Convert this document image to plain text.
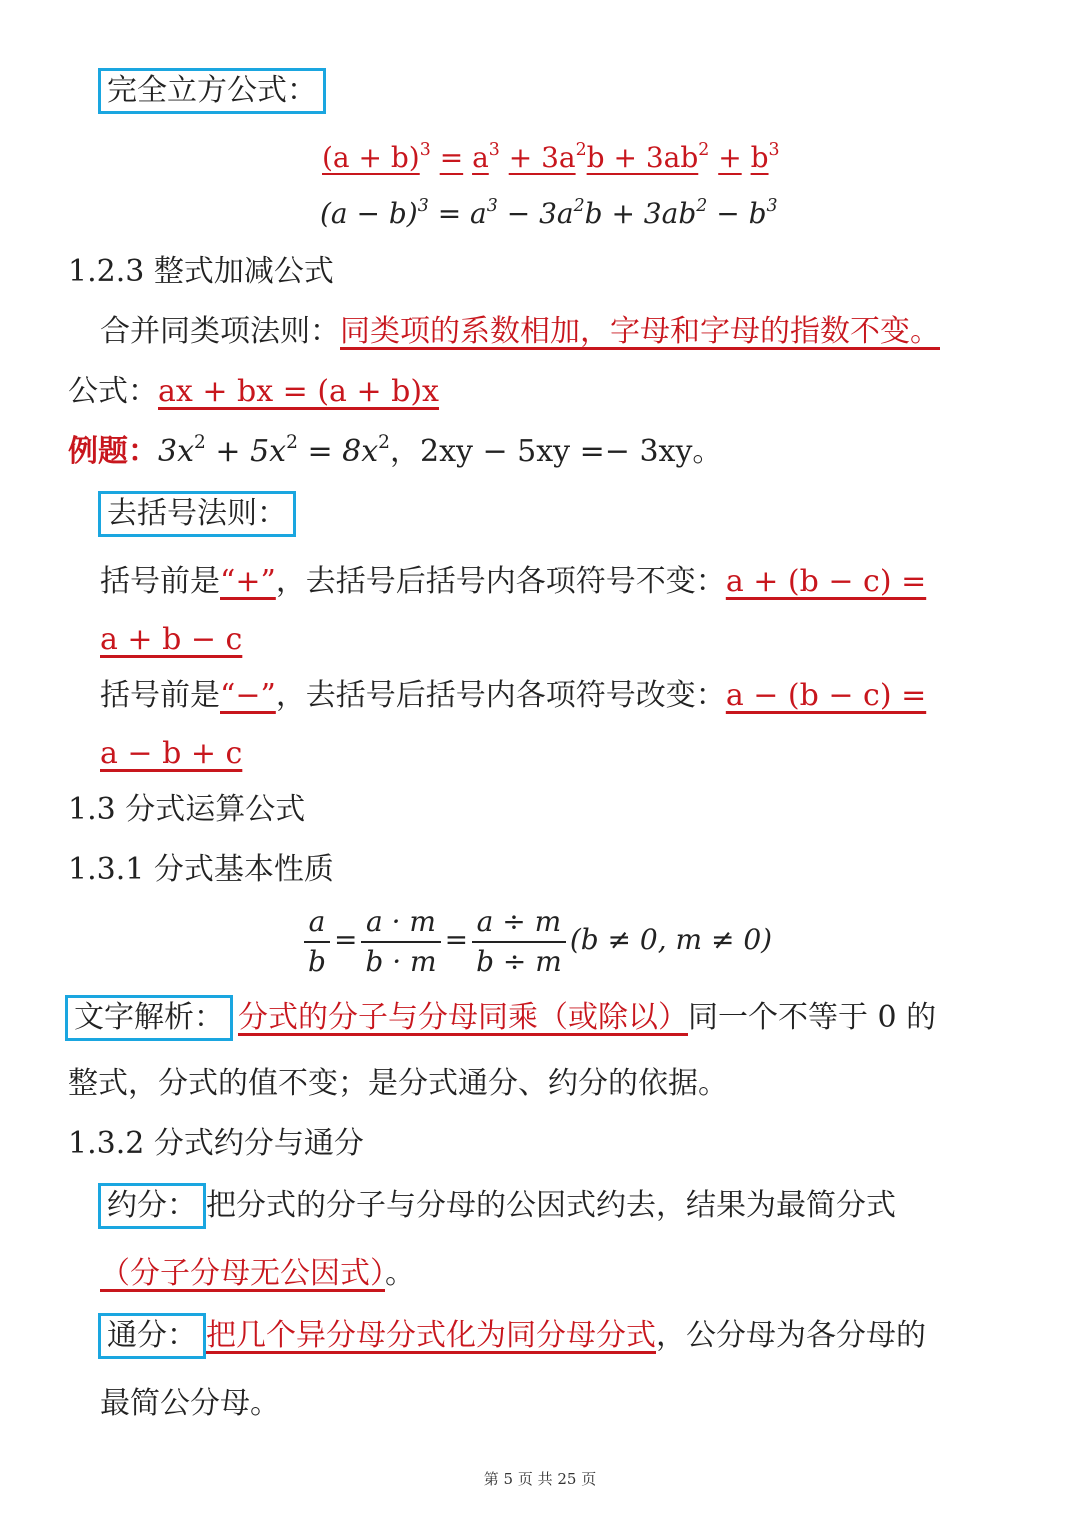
完全立方公式：
$(a + b)^3 = a^3 + 3a^2b + 3ab^2 + b^3$
$(a - b)^3 = a^3 - 3a^2b + 3ab^2 - b^3$
1.2.3 整式加减公式
合并同类项法则：同类项的系数相加，字母和字母的指数不变。
公式：ax + bx = (a + b)x
例题：$3x^2 + 5x^2 = 8x^2$，2xy − 5xy =− 3xy。
去括号法则：
括号前是“+”，去括号后括号内各项符号不变：a + (b − c) =
a + b − c
括号前是“−”，去括号后括号内各项符号改变：a − (b − c) =
a − b + c
1.3 分式运算公式
1.3.1 分式基本性质
$\frac{a}{b} = \frac{a \cdot m}{b \cdot m} = \frac{a \div m}{b \div m} (b \ne 0$, m ≠ 0)
文字解析： 分式的分子与分母同乘（或除以）同一个不等于 0 的
整式，分式的值不变；是分式通分、约分的依据。
1.3.2 分式约分与通分
约分： 把分式的分子与分母的公因式约去，结果为最简分式
（分子分母无公因式）。
通分： 把几个异分母分式化为同分母分式，公分母为各分母的
最简公分母。
第 5 页 共 25 页
